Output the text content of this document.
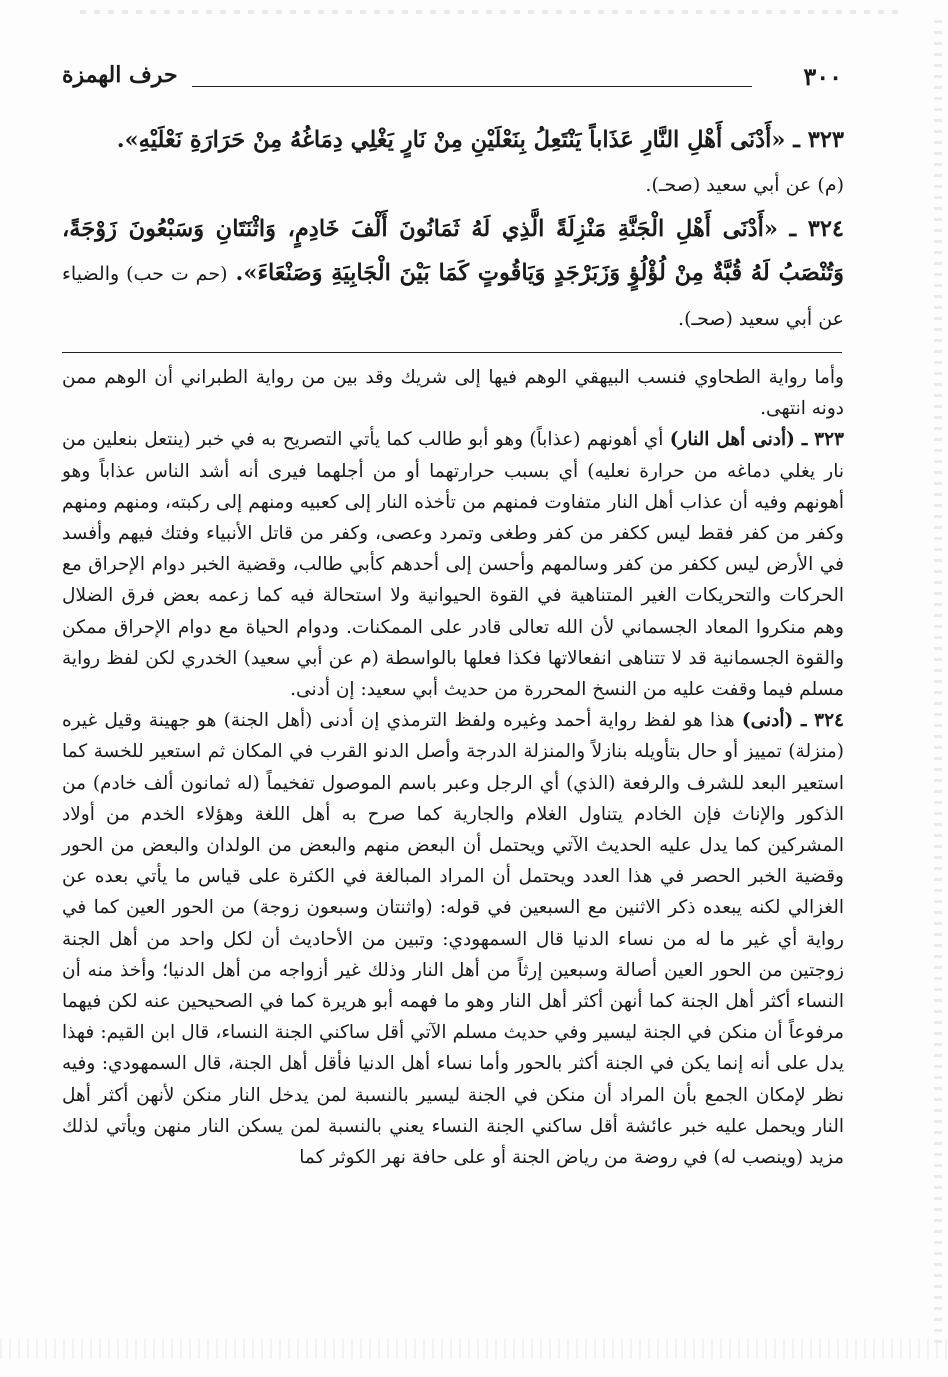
٣٠٠
حرف الهمزة

٣٢٣ ـ «أَدْنَى أَهْلِ النَّارِ عَذَاباً يَنْتَعِلُ بِنَعْلَيْنِ مِنْ نَارٍ يَغْلِي دِمَاغُهُ مِنْ حَرَارَةِ نَعْلَيْهِ».

(م) عن أبي سعيد (صحـ).

٣٢٤ ـ «أَدْنَى أَهْلِ الْجَنَّةِ مَنْزِلَةً الَّذِي لَهُ ثَمَانُونَ أَلْفَ خَادِمٍ، وَاثْنَتَانِ وَسَبْعُونَ زَوْجَةً، وَتُنْصَبُ لَهُ قُبَّةٌ مِنْ لُؤْلُؤٍ وَزَبَرْجَدٍ وَيَاقُوتٍ كَمَا بَيْنَ الْجَابِيَةِ وَصَنْعَاءَ». (حم ت حب) والضياء عن أبي سعيد (صحـ).

وأما رواية الطحاوي فنسب البيهقي الوهم فيها إلى شريك وقد بين من رواية الطبراني أن الوهم ممن دونه انتهى.

٣٢٣ ـ (أدنى أهل النار) أي أهونهم (عذاباً) وهو أبو طالب كما يأتي التصريح به في خبر (ينتعل بنعلين من نار يغلي دماغه من حرارة نعليه) أي بسبب حرارتهما أو من أجلهما فيرى أنه أشد الناس عذاباً وهو أهونهم وفيه أن عذاب أهل النار متفاوت فمنهم من تأخذه النار إلى كعبيه ومنهم إلى ركبته، ومنهم ومنهم وكفر من كفر فقط ليس ككفر من كفر وطغى وتمرد وعصى، وكفر من قاتل الأنبياء وفتك فيهم وأفسد في الأرض ليس ككفر من كفر وسالمهم وأحسن إلى أحدهم كأبي طالب، وقضية الخبر دوام الإحراق مع الحركات والتحريكات الغير المتناهية في القوة الحيوانية ولا استحالة فيه كما زعمه بعض فرق الضلال وهم منكروا المعاد الجسماني لأن الله تعالى قادر على الممكنات. ودوام الحياة مع دوام الإحراق ممكن والقوة الجسمانية قد لا تتناهى انفعالاتها فكذا فعلها بالواسطة (م عن أبي سعيد) الخدري لكن لفظ رواية مسلم فيما وقفت عليه من النسخ المحررة من حديث أبي سعيد: إن أدنى.

٣٢٤ ـ (أدنى) هذا هو لفظ رواية أحمد وغيره ولفظ الترمذي إن أدنى (أهل الجنة) هو جهينة وقيل غيره (منزلة) تمييز أو حال بتأويله بنازلاً والمنزلة الدرجة وأصل الدنو القرب في المكان ثم استعير للخسة كما استعير البعد للشرف والرفعة (الذي) أي الرجل وعبر باسم الموصول تفخيماً (له ثمانون ألف خادم) من الذكور والإناث فإن الخادم يتناول الغلام والجارية كما صرح به أهل اللغة وهؤلاء الخدم من أولاد المشركين كما يدل عليه الحديث الآتي ويحتمل أن البعض منهم والبعض من الولدان والبعض من الحور وقضية الخبر الحصر في هذا العدد ويحتمل أن المراد المبالغة في الكثرة على قياس ما يأتي بعده عن الغزالي لكنه يبعده ذكر الاثنين مع السبعين في قوله: (واثنتان وسبعون زوجة) من الحور العين كما في رواية أي غير ما له من نساء الدنيا قال السمهودي: وتبين من الأحاديث أن لكل واحد من أهل الجنة زوجتين من الحور العين أصالة وسبعين إرثاً من أهل النار وذلك غير أزواجه من أهل الدنيا؛ وأخذ منه أن النساء أكثر أهل الجنة كما أنهن أكثر أهل النار وهو ما فهمه أبو هريرة كما في الصحيحين عنه لكن فيهما مرفوعاً أن منكن في الجنة ليسير وفي حديث مسلم الآتي أقل ساكني الجنة النساء، قال ابن القيم: فهذا يدل على أنه إنما يكن في الجنة أكثر بالحور وأما نساء أهل الدنيا فأقل أهل الجنة، قال السمهودي: وفيه نظر لإمكان الجمع بأن المراد أن منكن في الجنة ليسير بالنسبة لمن يدخل النار منكن لأنهن أكثر أهل النار ويحمل عليه خبر عائشة أقل ساكني الجنة النساء يعني بالنسبة لمن يسكن النار منهن ويأتي لذلك مزيد (وينصب له) في روضة من رياض الجنة أو على حافة نهر الكوثر كما
